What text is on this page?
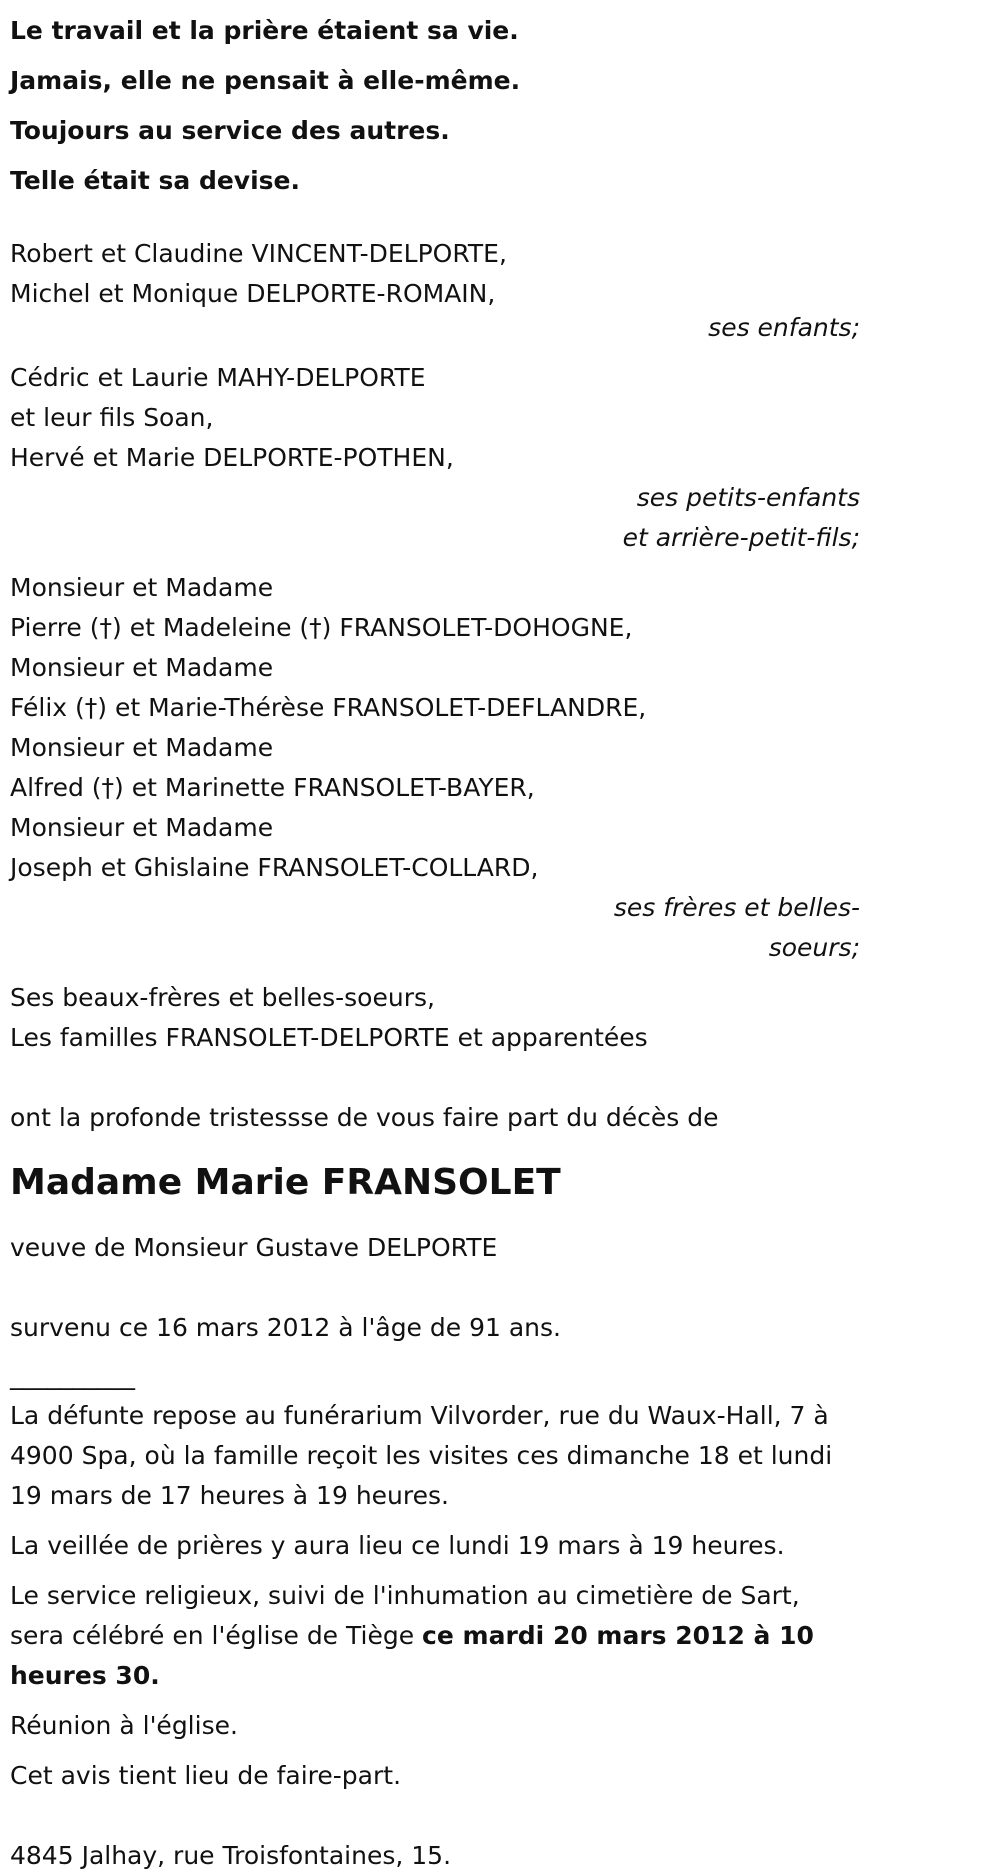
Le travail et la prière étaient sa vie.
Jamais, elle ne pensait à elle-même.
Toujours au service des autres.
Telle était sa devise.
Robert et Claudine VINCENT-DELPORTE,
Michel et Monique DELPORTE-ROMAIN,
ses enfants;
Cédric et Laurie MAHY-DELPORTE
et leur fils Soan,
Hervé et Marie DELPORTE-POTHEN,
ses petits-enfants
et arrière-petit-fils;
Monsieur et Madame
Pierre (†) et Madeleine (†) FRANSOLET-DOHOGNE,
Monsieur et Madame
Félix (†) et Marie-Thérèse FRANSOLET-DEFLANDRE,
Monsieur et Madame
Alfred (†) et Marinette FRANSOLET-BAYER,
Monsieur et Madame
Joseph et Ghislaine FRANSOLET-COLLARD,
ses frères et belles-
soeurs;
Ses beaux-frères et belles-soeurs,
Les familles FRANSOLET-DELPORTE et apparentées
ont la profonde tristessse de vous faire part du décès de
Madame Marie FRANSOLET
veuve de Monsieur Gustave DELPORTE
survenu ce 16 mars 2012 à l'âge de 91 ans.
__________
La défunte repose au funérarium Vilvorder, rue du Waux-Hall, 7 à 4900 Spa, où la famille reçoit les visites ces dimanche 18 et lundi 19 mars de 17 heures à 19 heures.
La veillée de prières y aura lieu ce lundi 19 mars à 19 heures.
Le service religieux, suivi de l'inhumation au cimetière de Sart, sera célébré en l'église de Tiège ce mardi 20 mars 2012 à 10 heures 30.
Réunion à l'église.
Cet avis tient lieu de faire-part.
4845 Jalhay, rue Troisfontaines, 15.
